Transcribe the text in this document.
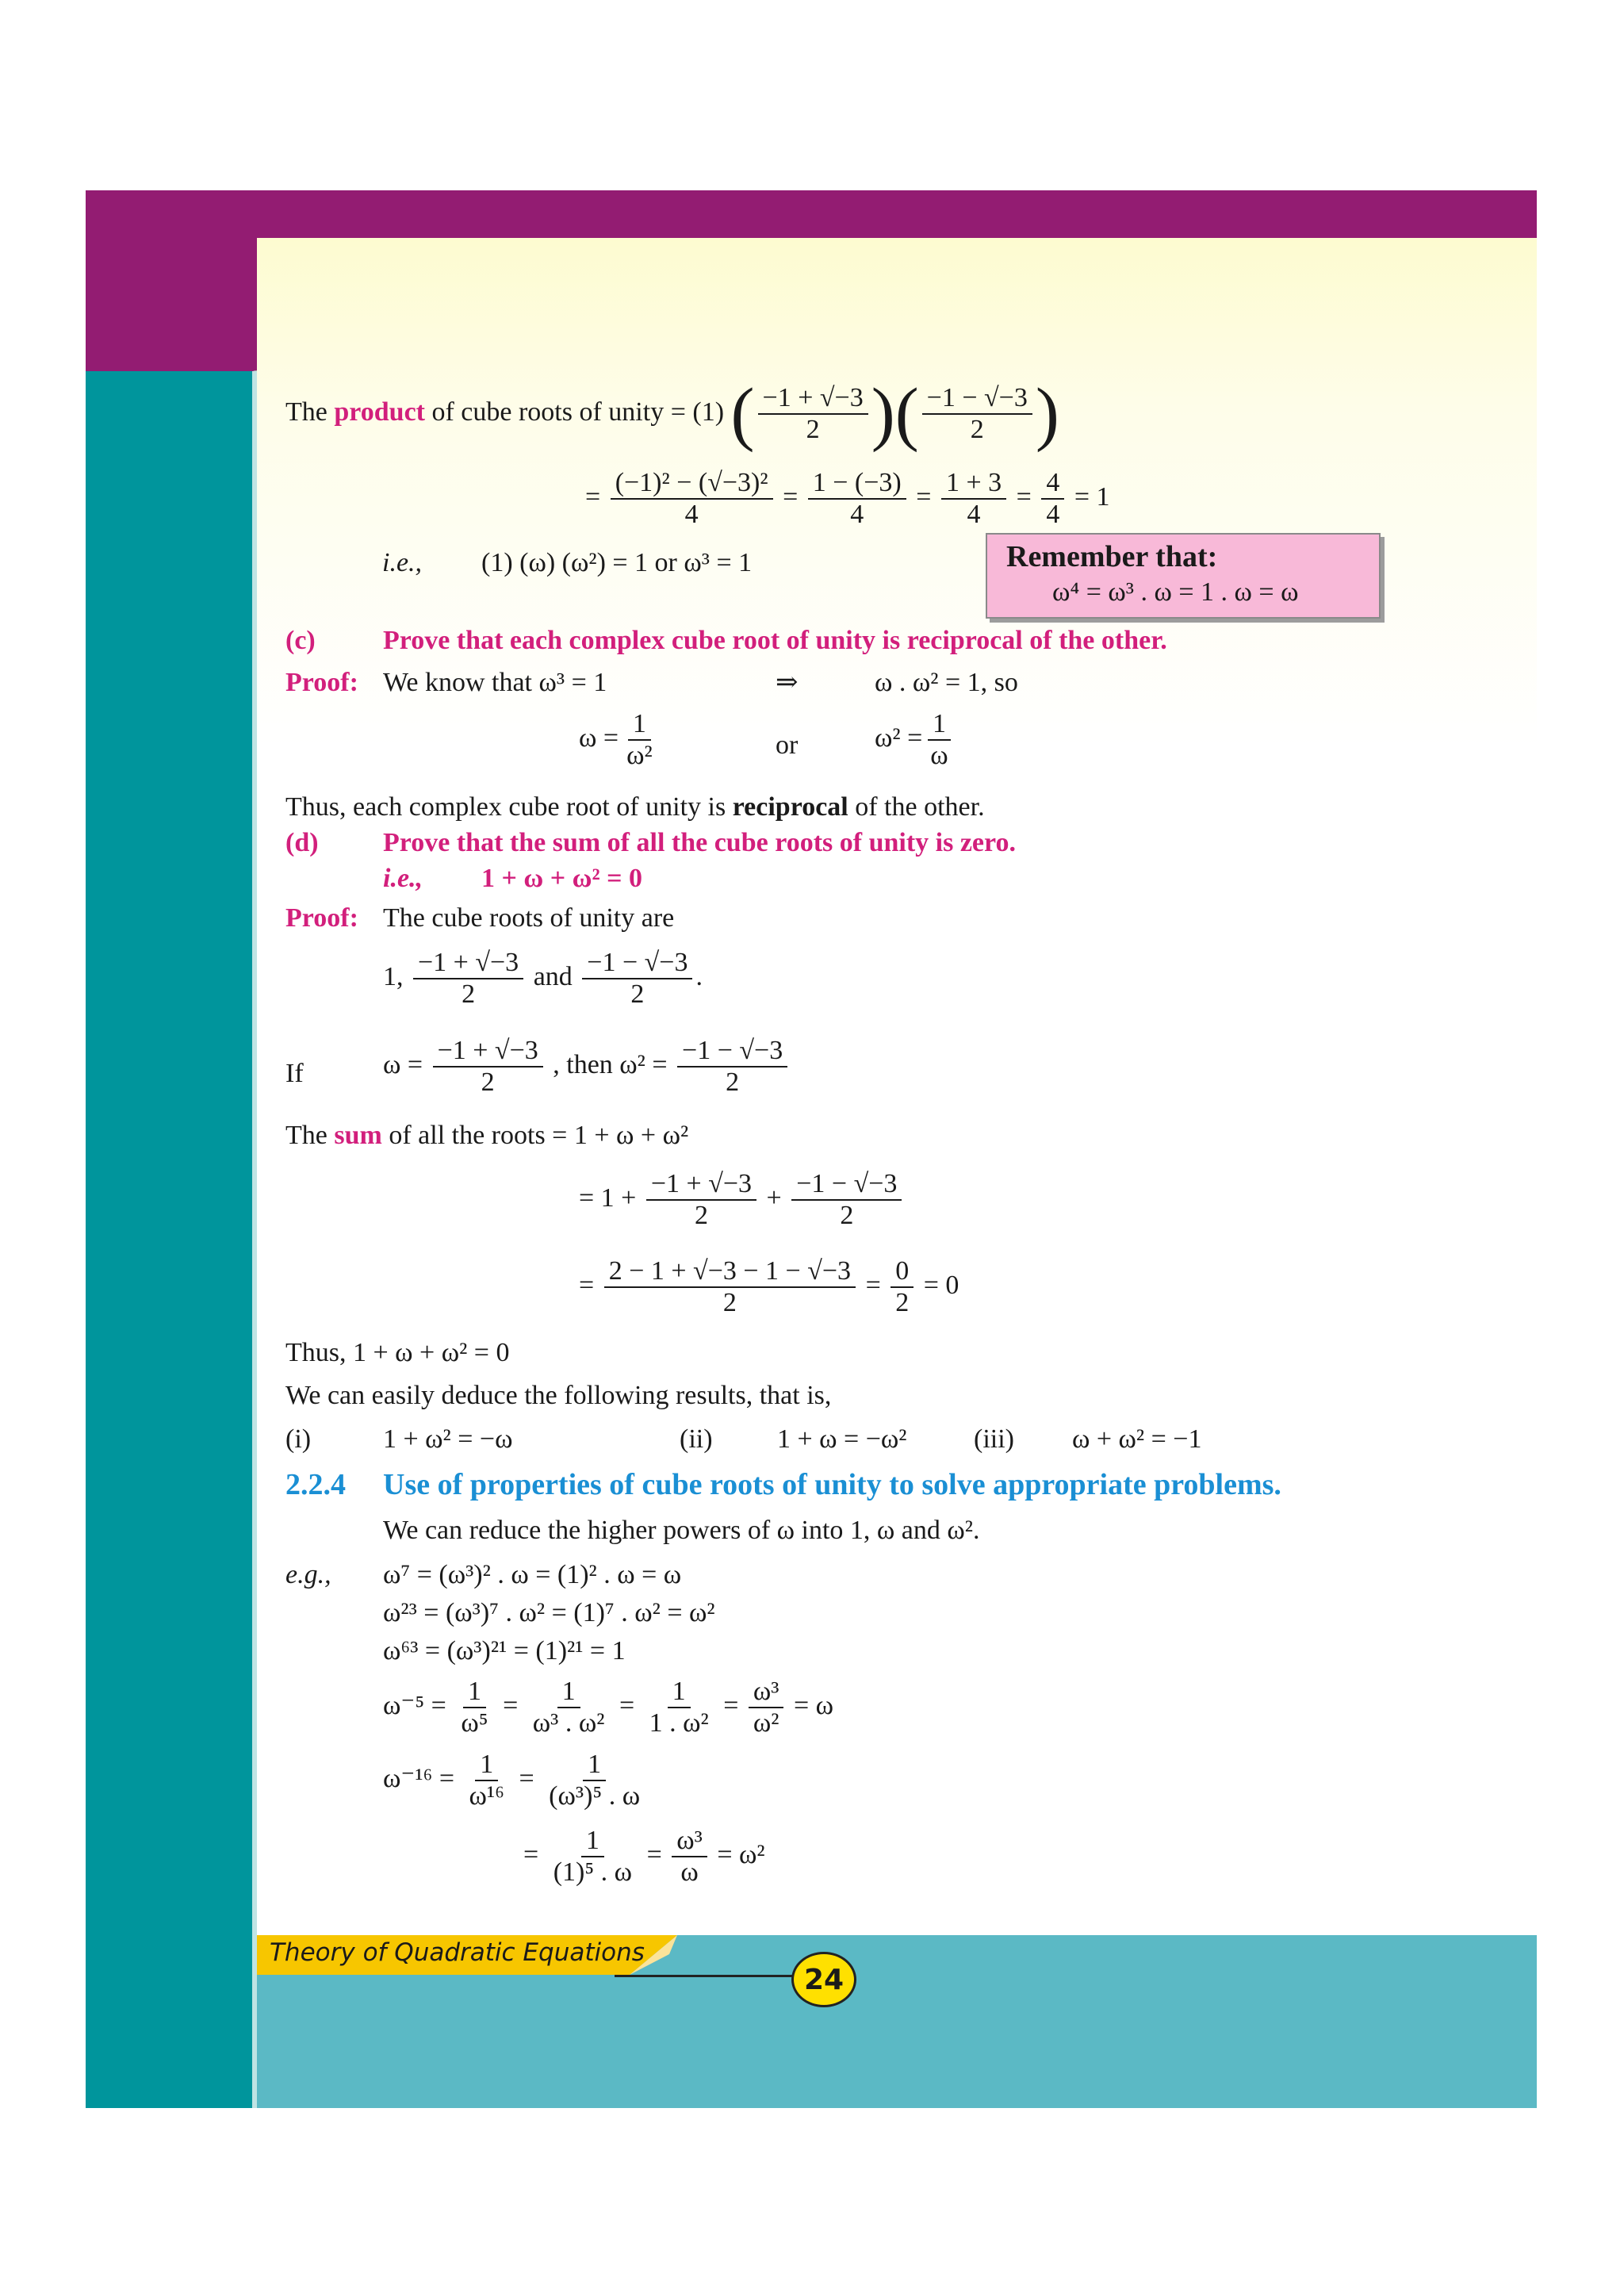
The product of cube roots of unity = (1) ( $\frac{-1 + √-3}{2}$ )( $\frac{-1 - √-3}{2}$ )
= $\frac{\text{(−1)² − (√−3)²}}{4} = \frac{1 - (-3)}{4} = \frac{1 + 3}{4} = \frac{4}{4} = 1$
i.e., (1) (ω) (ω²) = 1 or ω³ = 1	Remember that:
ω⁴ = ω³ . ω = 1 . ω = ω
(c)	Prove that each complex cube root of unity is reciprocal of the other.
Proof: We know that ω³ = 1	⇒	ω . ω² = 1, so
$\omega = \frac{1}{\text{ω²}}$	or	$\omega^2 = \frac{1}{\omega}$
Thus, each complex cube root of unity is reciprocal of the other.
(d) Prove that the sum of all the cube roots of unity is zero.
i.e., 1 + ω + ω² = 0
Proof: The cube roots of unity are
1, $\frac{-1 + √-3}{2}$ and $\frac{-1 - √-3}{2}$ .
If	$\omega = \frac{-1 + √-3}{2}$ , then $\omega^2 = \frac{-1 - √-3}{2}$
The sum of all the roots = 1 + ω + ω²
= $1 + \frac{-1 + √-3}{2} + \frac{-1 - √-3}{2}$
= $\frac{2 - 1 + √-3 - 1 - √-3}{2} = \frac{0}{2} = 0$
Thus, 1 + ω + ω² = 0
We can easily deduce the following results, that is,
(i)	1 + ω² = −ω	(ii) 1 + ω = −ω² (iii) ω + ω² = −1
2.2.4 Use of properties of cube roots of unity to solve appropriate problems.
We can reduce the higher powers of ω into 1, ω and ω².
e.g., ω⁷ = (ω³)² . ω = (1)² . ω = ω
ω²³ = (ω³)⁷ . ω² = (1)⁷ . ω² = ω²
ω⁶³ = (ω³)²¹ = (1)²¹ = 1
$\omega^{-5} = \frac{1}{\text{ω⁵}} = \frac{1}{\text{ω³ . ω²}} = \frac{1}{\text{1 . ω²}} = \frac{\text{ω³}}{\text{ω²}} = \omega$
$\omega^{-16} = \frac{1}{\text{ω¹⁶}} = \frac{1}{\text{(ω³)⁵ . ω}}$
= $\frac{1}{\text{(1)⁵ . ω}} = \frac{\text{ω³}}{\omega} = \omega^2$
Theory of Quadratic Equations
24
